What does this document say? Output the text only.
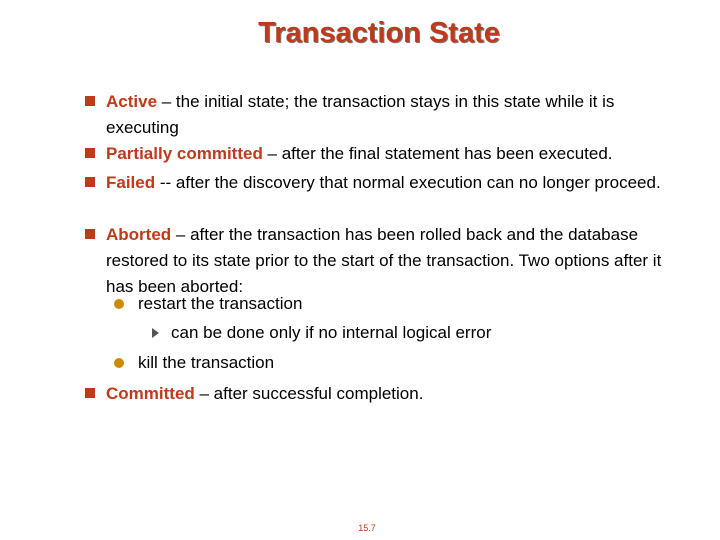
Transaction State
Active – the initial state; the transaction stays in this state while it is executing
Partially committed – after the final statement has been executed.
Failed -- after the discovery that normal execution can no longer proceed.
Aborted – after the transaction has been rolled back and the database restored to its state prior to the start of the transaction. Two options after it has been aborted:
restart the transaction
can be done only if no internal logical error
kill the transaction
Committed – after successful completion.
15.7
